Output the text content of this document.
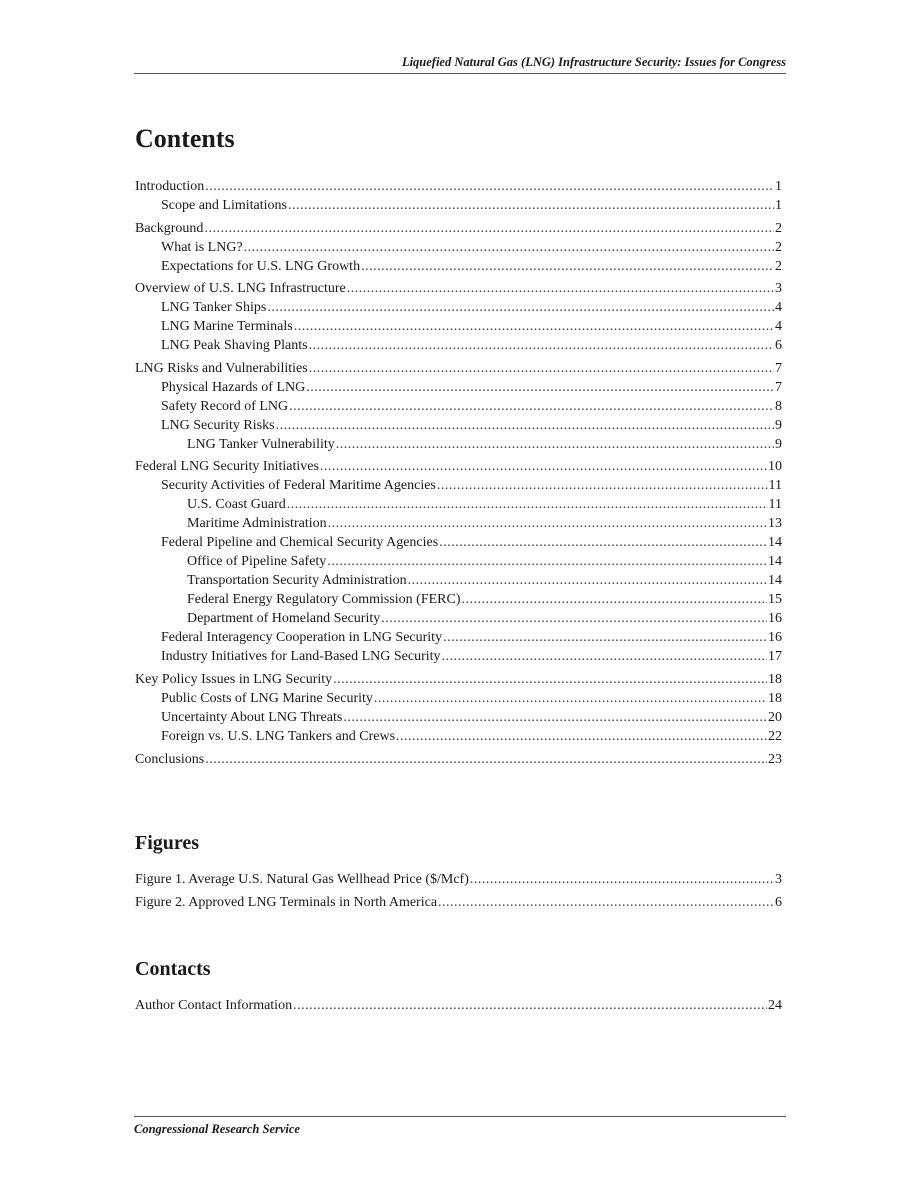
Liquefied Natural Gas (LNG) Infrastructure Security: Issues for Congress
Contents
Introduction .....	1
Scope and Limitations .....	1
Background .....	2
What is LNG? .....	2
Expectations for U.S. LNG Growth .....	2
Overview of U.S. LNG Infrastructure .....	3
LNG Tanker Ships .....	4
LNG Marine Terminals .....	4
LNG Peak Shaving Plants .....	6
LNG Risks and Vulnerabilities .....	7
Physical Hazards of LNG .....	7
Safety Record of LNG .....	8
LNG Security Risks .....	9
LNG Tanker Vulnerability .....	9
Federal LNG Security Initiatives .....	10
Security Activities of Federal Maritime Agencies .....	11
U.S. Coast Guard .....	11
Maritime Administration .....	13
Federal Pipeline and Chemical Security Agencies .....	14
Office of Pipeline Safety .....	14
Transportation Security Administration .....	14
Federal Energy Regulatory Commission (FERC) .....	15
Department of Homeland Security .....	16
Federal Interagency Cooperation in LNG Security .....	16
Industry Initiatives for Land-Based LNG Security .....	17
Key Policy Issues in LNG Security .....	18
Public Costs of LNG Marine Security .....	18
Uncertainty About LNG Threats .....	20
Foreign vs. U.S. LNG Tankers and Crews .....	22
Conclusions .....	23
Figures
Figure 1. Average U.S. Natural Gas Wellhead Price ($/Mcf) .....	3
Figure 2. Approved LNG Terminals in North America .....	6
Contacts
Author Contact Information .....	24
Congressional Research Service
